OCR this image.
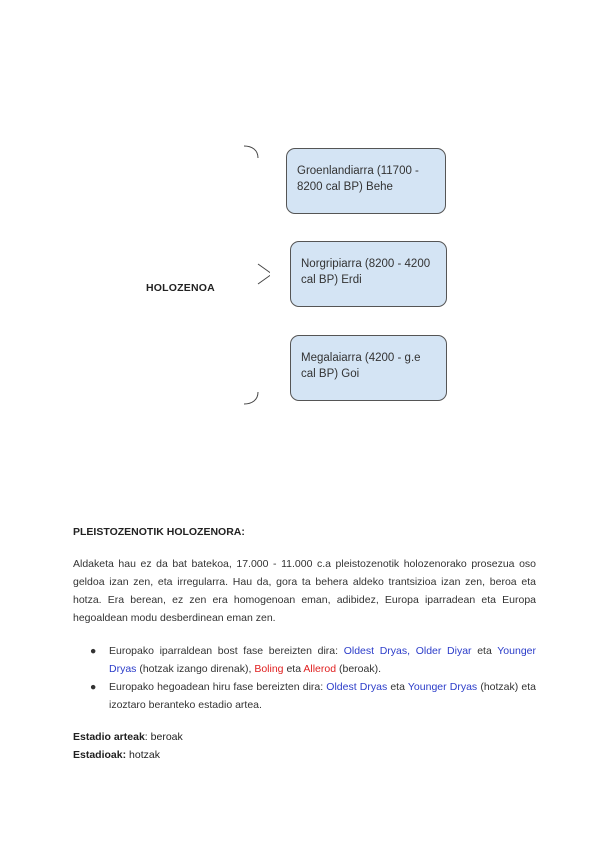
HOLOZENOA
Groenlandiarra (11700 - 8200 cal BP) Behe
Norgripiarra (8200 - 4200 cal BP) Erdi
Megalaiarra (4200 - g.e cal BP) Goi
PLEISTOZENOTIK HOLOZENORA:
Aldaketa hau ez da bat batekoa, 17.000 - 11.000 c.a pleistozenotik holozenorako prosezua oso geldoa izan zen, eta irregularra. Hau da, gora ta behera aldeko trantsizioa izan zen, beroa eta hotza. Era berean, ez zen era homogenoan eman, adibidez, Europa iparradean eta Europa hegoaldean modu desberdinean eman zen.
● Europako iparraldean bost fase bereizten dira: Oldest Dryas, Older Diyar eta Younger Dryas (hotzak izango direnak), Boling eta Allerod (beroak).
● Europako hegoadean hiru fase bereizten dira: Oldest Dryas eta Younger Dryas (hotzak) eta izoztaro beranteko estadio artea.
Estadio arteak: beroak
Estadioak: hotzak
